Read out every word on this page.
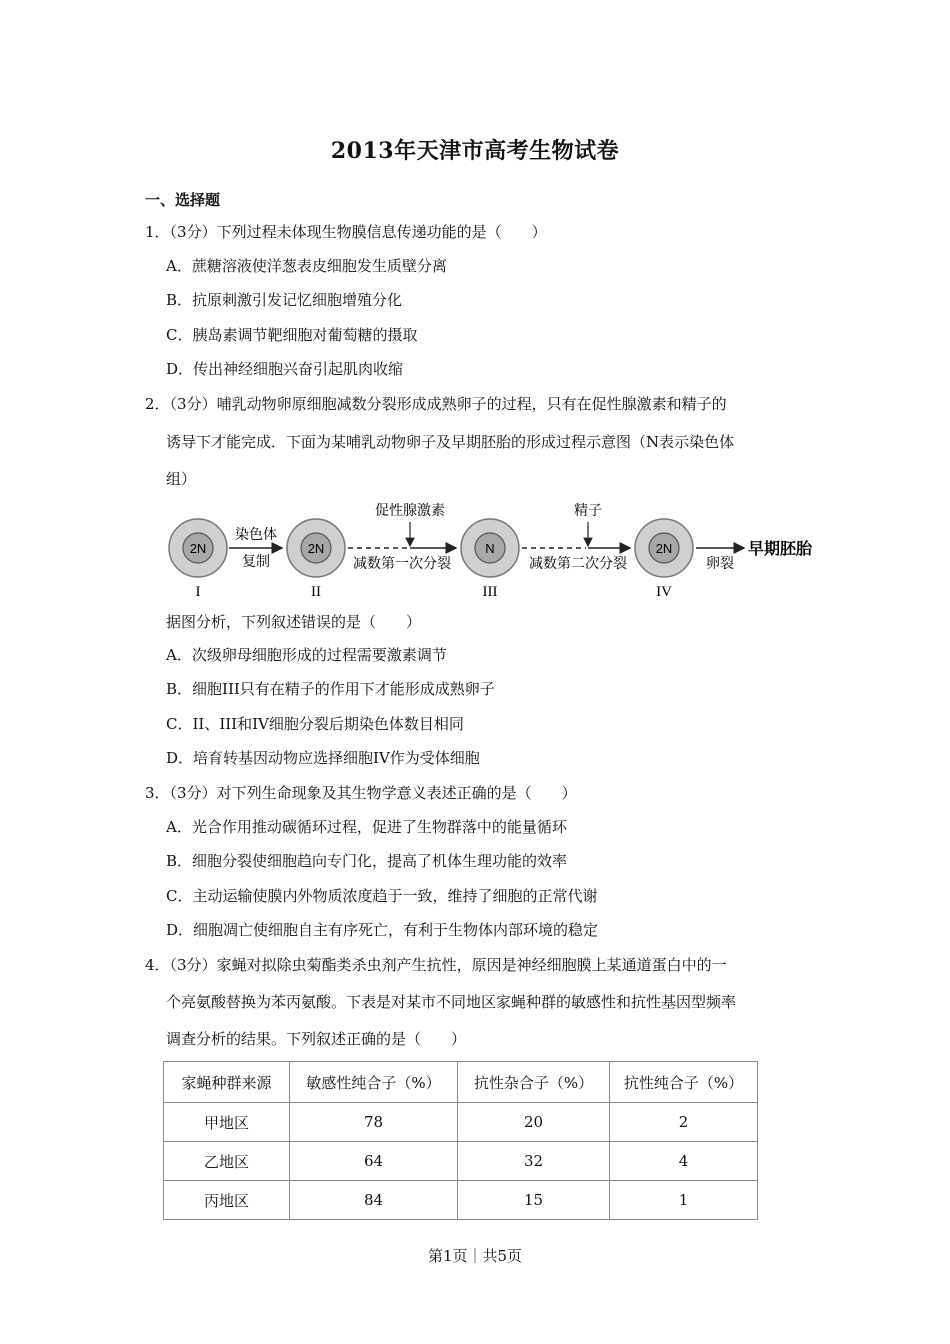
2013年天津市高考生物试卷
一、选择题
1．（3分）下列过程未体现生物膜信息传递功能的是（　　）
A．蔗糖溶液使洋葱表皮细胞发生质壁分离
B．抗原刺激引发记忆细胞增殖分化
C．胰岛素调节靶细胞对葡萄糖的摄取
D．传出神经细胞兴奋引起肌肉收缩
2．（3分）哺乳动物卵原细胞减数分裂形成成熟卵子的过程，只有在促性腺激素和精子的
诱导下才能完成．下面为某哺乳动物卵子及早期胚胎的形成过程示意图（N表示染色体
组）
2N
I
染色体
复制
2N
II
促性腺激素
减数第一次分裂
N
III
精子
减数第二次分裂
2N
IV
卵裂
早期胚胎
据图分析，下列叙述错误的是（　　）
A．次级卵母细胞形成的过程需要激素调节
B．细胞III只有在精子的作用下才能形成成熟卵子
C．II、III和IV细胞分裂后期染色体数目相同
D．培育转基因动物应选择细胞IV作为受体细胞
3．（3分）对下列生命现象及其生物学意义表述正确的是（　　）
A．光合作用推动碳循环过程，促进了生物群落中的能量循环
B．细胞分裂使细胞趋向专门化，提高了机体生理功能的效率
C．主动运输使膜内外物质浓度趋于一致，维持了细胞的正常代谢
D．细胞凋亡使细胞自主有序死亡，有利于生物体内部环境的稳定
4．（3分）家蝇对拟除虫菊酯类杀虫剂产生抗性，原因是神经细胞膜上某通道蛋白中的一
个亮氨酸替换为苯丙氨酸。下表是对某市不同地区家蝇种群的敏感性和抗性基因型频率
调查分析的结果。下列叙述正确的是（　　）
家蝇种群来源	敏感性纯合子（%）	抗性杂合子（%）	抗性纯合子（%）
甲地区	78	20	2
乙地区	64	32	4
丙地区	84	15	1
第1页｜共5页
